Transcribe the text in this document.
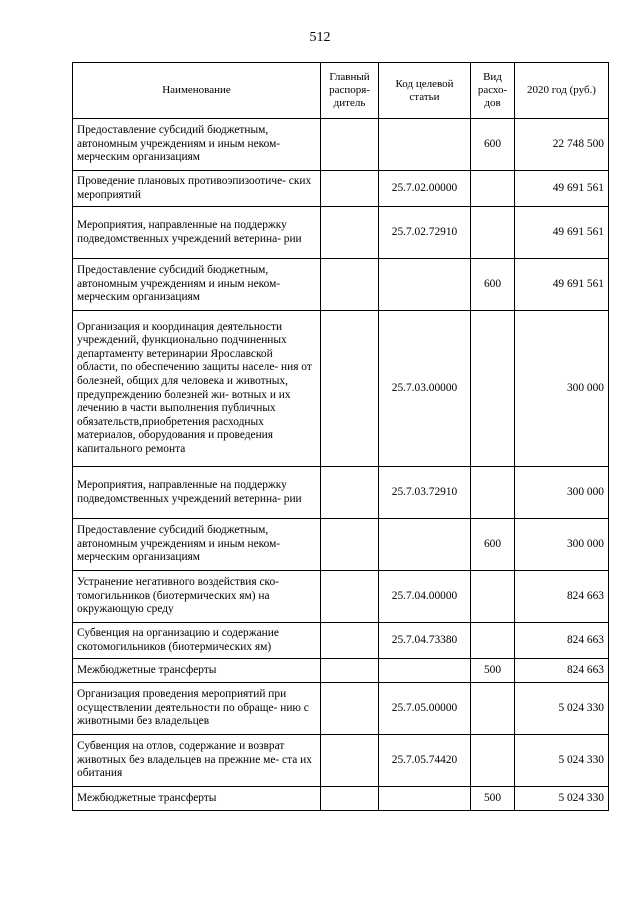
512
Наименование	Главный распоря- дитель	Код целевой статьи	Вид расхо- дов	2020 год (руб.)
Предоставление субсидий бюджетным, автономным учреждениям и иным неком- мерческим организациям			600	22 748 500
Проведение плановых противоэпизоотиче- ских мероприятий		25.7.02.00000		49 691 561
Мероприятия, направленные на поддержку подведомственных учреждений ветерина- рии		25.7.02.72910		49 691 561
Предоставление субсидий бюджетным, автономным учреждениям и иным неком- мерческим организациям			600	49 691 561
Организация и координация деятельности учреждений, функционально подчиненных департаменту ветеринарии Ярославской области, по обеспечению защиты населе- ния от болезней, общих для человека и животных, предупреждению болезней жи- вотных и их лечению в части выполнения публичных обязательств,приобретения расходных материалов, оборудования и проведения капитального ремонта		25.7.03.00000		300 000
Мероприятия, направленные на поддержку подведомственных учреждений ветерина- рии		25.7.03.72910		300 000
Предоставление субсидий бюджетным, автономным учреждениям и иным неком- мерческим организациям			600	300 000
Устранение негативного воздействия ско- томогильников (биотермических ям) на окружающую среду		25.7.04.00000		824 663
Субвенция на организацию и содержание скотомогильников (биотермических ям)		25.7.04.73380		824 663
Межбюджетные трансферты			500	824 663
Организация проведения мероприятий при осуществлении деятельности по обраще- нию с животными без владельцев		25.7.05.00000		5 024 330
Субвенция на отлов, содержание и возврат животных без владельцев на прежние ме- ста их обитания		25.7.05.74420		5 024 330
Межбюджетные трансферты			500	5 024 330
